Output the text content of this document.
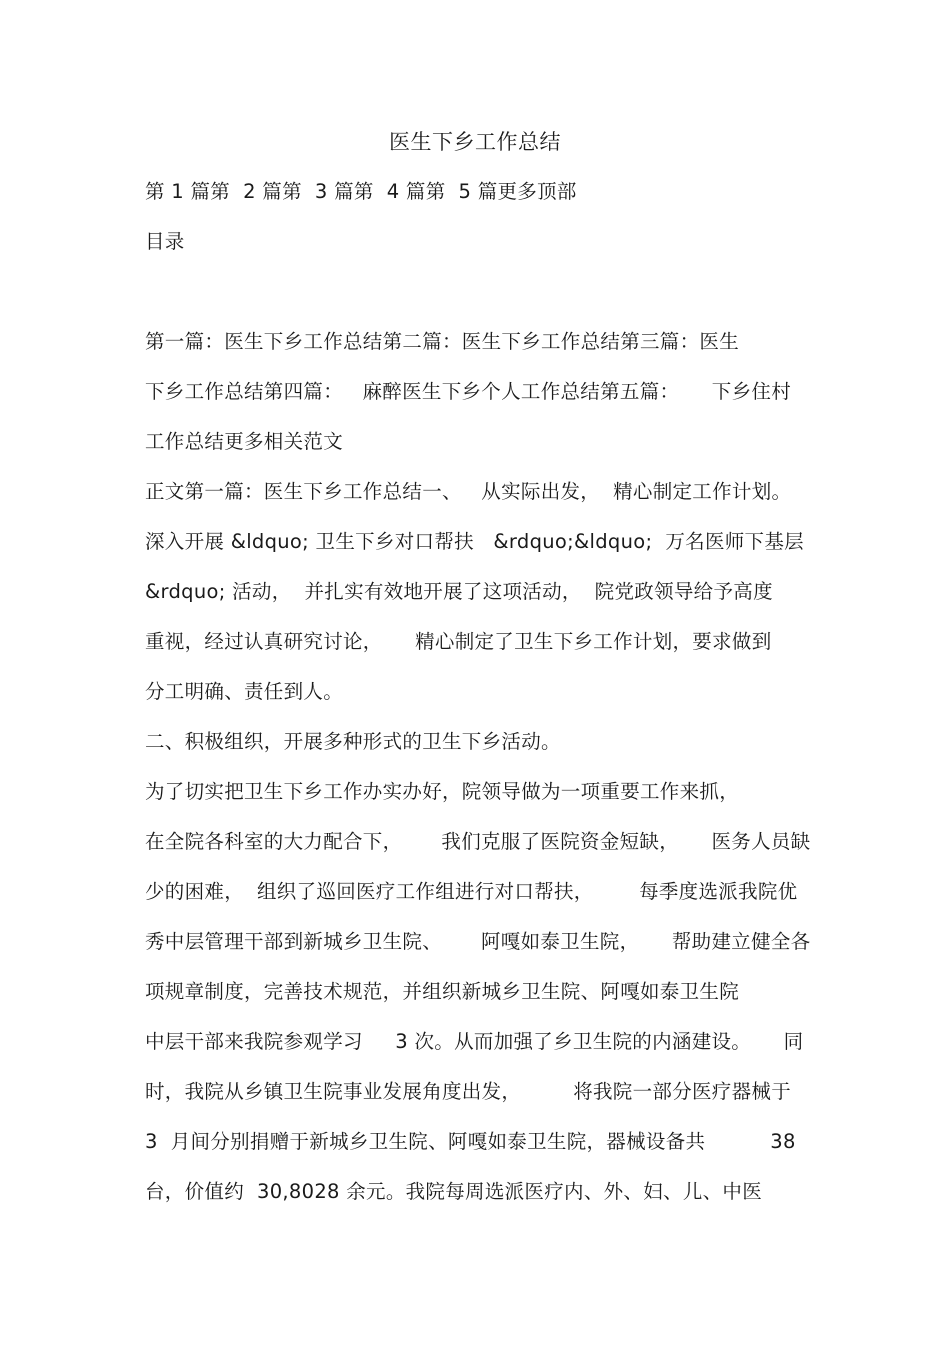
医生下乡工作总结
第 1 篇第  2 篇第  3 篇第  4 篇第  5 篇更多顶部
目录
第一篇：医生下乡工作总结第二篇：医生下乡工作总结第三篇：医生
下乡工作总结第四篇：   麻醉医生下乡个人工作总结第五篇：     下乡住村
工作总结更多相关范文
正文第一篇：医生下乡工作总结一、   从实际出发，  精心制定工作计划。
深入开展 &ldquo; 卫生下乡对口帮扶   &rdquo;&ldquo;  万名医师下基层
&rdquo; 活动，  并扎实有效地开展了这项活动，  院党政领导给予高度
重视，经过认真研究讨论，     精心制定了卫生下乡工作计划，要求做到
分工明确、责任到人。
二、积极组织，开展多种形式的卫生下乡活动。
为了切实把卫生下乡工作办实办好，院领导做为一项重要工作来抓，
在全院各科室的大力配合下，      我们克服了医院资金短缺，     医务人员缺
少的困难，  组织了巡回医疗工作组进行对口帮扶，       每季度选派我院优
秀中层管理干部到新城乡卫生院、      阿嘎如泰卫生院，     帮助建立健全各
项规章制度，完善技术规范，并组织新城乡卫生院、阿嘎如泰卫生院
中层干部来我院参观学习     3 次。从而加强了乡卫生院的内涵建设。     同
时，我院从乡镇卫生院事业发展角度出发，        将我院一部分医疗器械于
3  月间分别捐赠于新城乡卫生院、阿嘎如泰卫生院，器械设备共          38
台，价值约  30,8028 余元。我院每周选派医疗内、外、妇、儿、中医
